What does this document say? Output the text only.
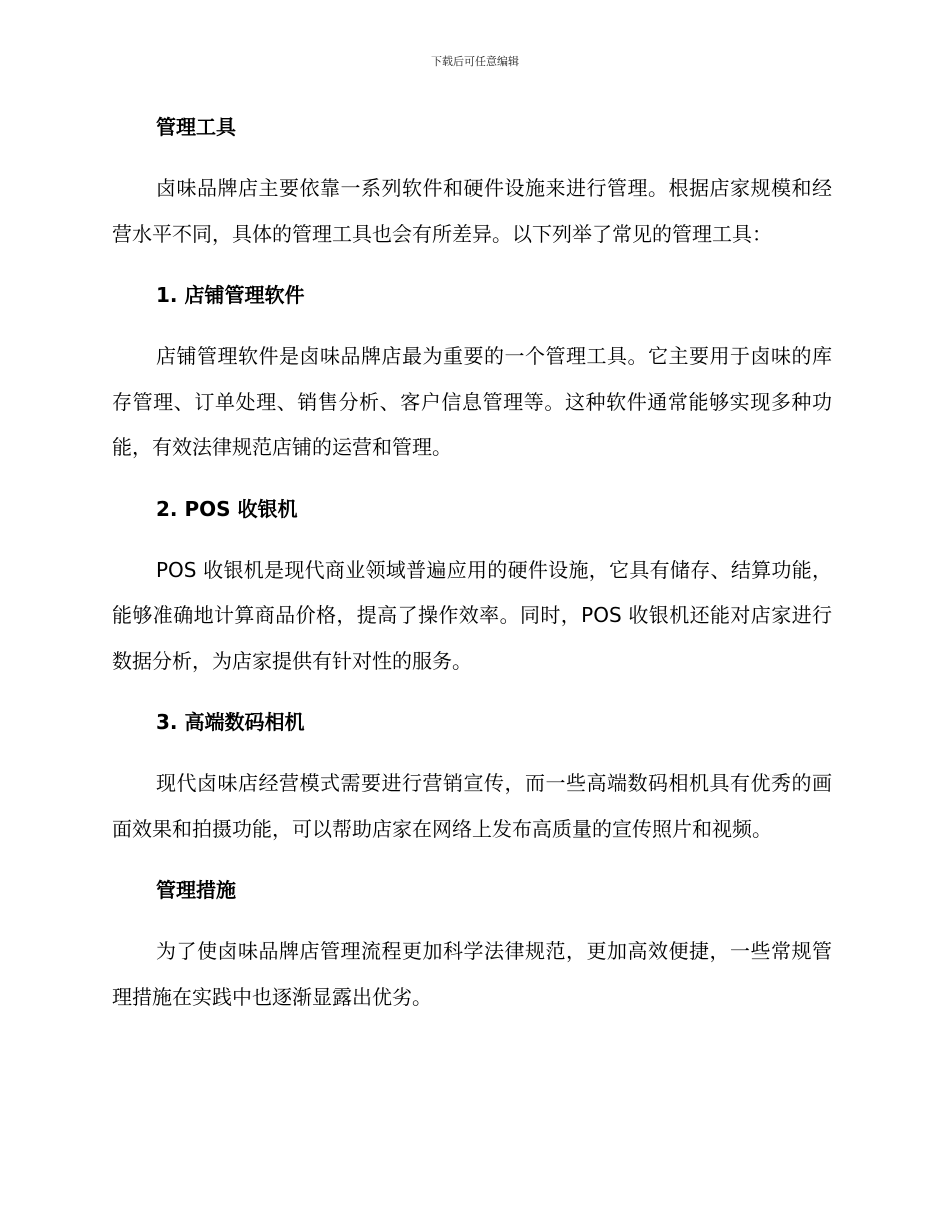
下载后可任意编辑
管理工具

卤味品牌店主要依靠一系列软件和硬件设施来进行管理。根据店家规模和经营水平不同，具体的管理工具也会有所差异。以下列举了常见的管理工具：

1. 店铺管理软件

店铺管理软件是卤味品牌店最为重要的一个管理工具。它主要用于卤味的库存管理、订单处理、销售分析、客户信息管理等。这种软件通常能够实现多种功能，有效法律规范店铺的运营和管理。

2. POS 收银机

POS 收银机是现代商业领域普遍应用的硬件设施，它具有储存、结算功能，能够准确地计算商品价格，提高了操作效率。同时，POS 收银机还能对店家进行数据分析，为店家提供有针对性的服务。

3. 高端数码相机

现代卤味店经营模式需要进行营销宣传，而一些高端数码相机具有优秀的画面效果和拍摄功能，可以帮助店家在网络上发布高质量的宣传照片和视频。

管理措施

为了使卤味品牌店管理流程更加科学法律规范，更加高效便捷，一些常规管理措施在实践中也逐渐显露出优劣。
